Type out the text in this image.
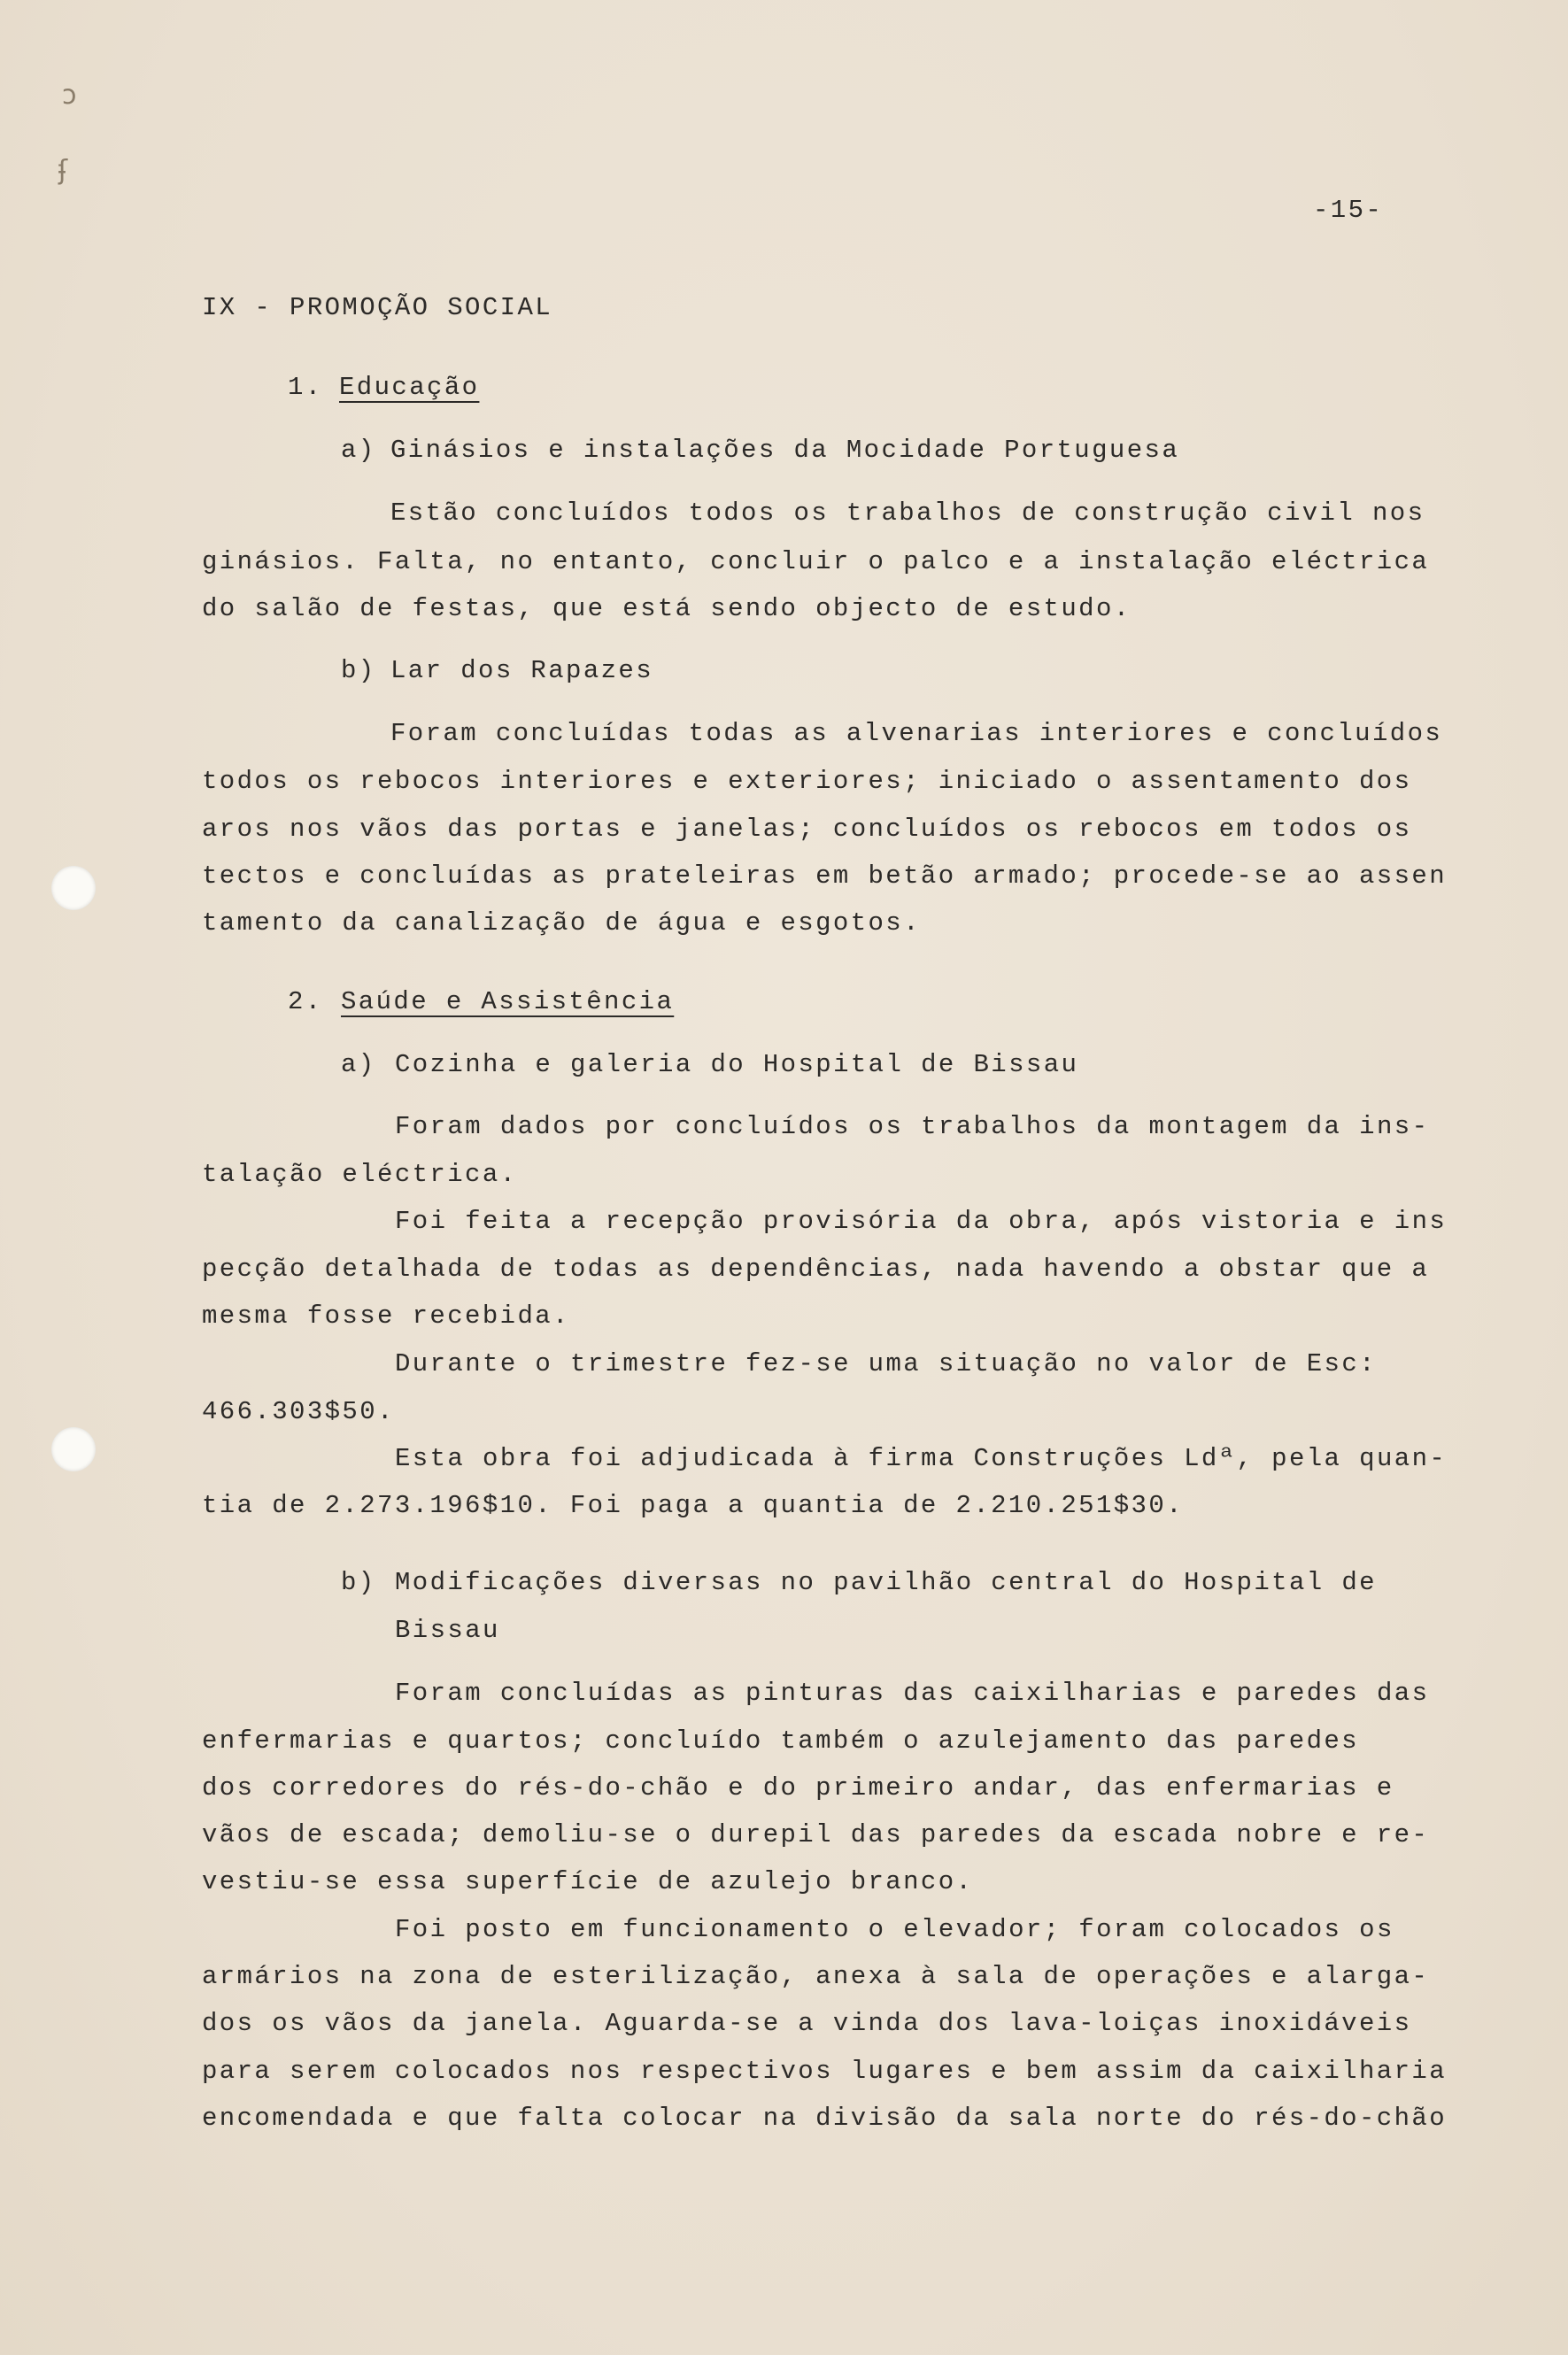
ↄ
ʄ
-15-
IX - PROMOÇÃO SOCIAL
1. Educação
a) Ginásios e instalações da Mocidade Portuguesa
Estão concluídos todos os trabalhos de construção civil nos
ginásios. Falta, no entanto, concluir o palco e a instalação eléctrica
do salão de festas, que está sendo objecto de estudo.
b) Lar dos Rapazes
Foram concluídas todas as alvenarias interiores e concluídos
todos os rebocos interiores e exteriores; iniciado o assentamento dos
aros nos vãos das portas e janelas; concluídos os rebocos em todos os
tectos e concluídas as prateleiras em betão armado; procede-se ao assen
tamento da canalização de água e esgotos.
2. Saúde e Assistência
a) Cozinha e galeria do Hospital de Bissau
Foram dados por concluídos os trabalhos da montagem da ins-
talação eléctrica.
Foi feita a recepção provisória da obra, após vistoria e ins
pecção detalhada de todas as dependências, nada havendo a obstar que a
mesma fosse recebida.
Durante o trimestre fez-se uma situação no valor de Esc:
466.303$50.
Esta obra foi adjudicada à firma Construções Ldª, pela quan-
tia de 2.273.196$10. Foi paga a quantia de 2.210.251$30.
b) Modificações diversas no pavilhão central do Hospital de
Bissau
Foram concluídas as pinturas das caixilharias e paredes das
enfermarias e quartos; concluído também o azulejamento das paredes
dos corredores do rés-do-chão e do primeiro andar, das enfermarias e
vãos de escada; demoliu-se o durepil das paredes da escada nobre e re-
vestiu-se essa superfície de azulejo branco.
Foi posto em funcionamento o elevador; foram colocados os
armários na zona de esterilização, anexa à sala de operações e alarga-
dos os vãos da janela. Aguarda-se a vinda dos lava-loiças inoxidáveis
para serem colocados nos respectivos lugares e bem assim da caixilharia
encomendada e que falta colocar na divisão da sala norte do rés-do-chão
